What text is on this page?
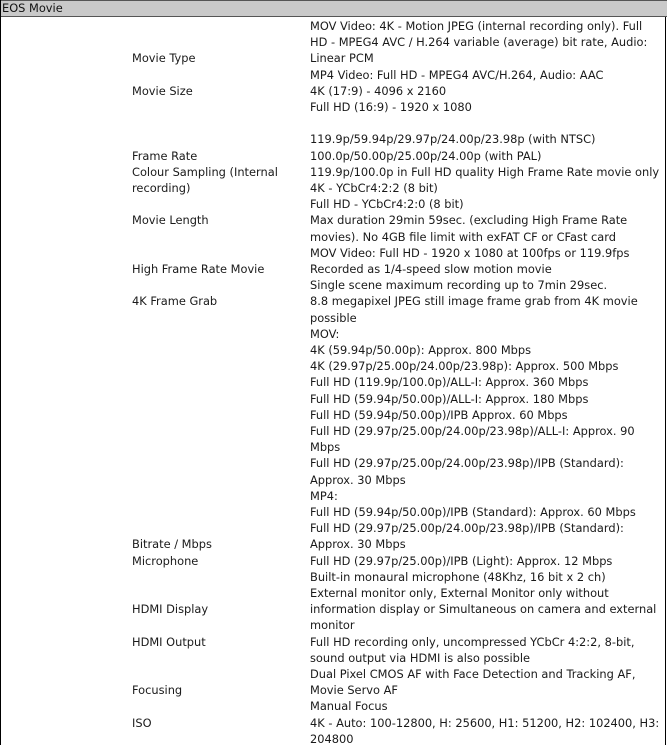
EOS Movie
MOV Video: 4K - Motion JPEG (internal recording only). Full
HD - MPEG4 AVC / H.264 variable (average) bit rate, Audio:
Linear PCM
MP4 Video: Full HD - MPEG4 AVC/H.264, Audio: AAC
4K (17:9) - 4096 x 2160
Movie Type
Full HD (16:9) - 1920 x 1080
119.9p/59.94p/29.97p/24.00p/23.98p (with NTSC)
100.0p/50.00p/25.00p/24.00p (with PAL)
Movie Size
119.9p/100.0p in Full HD quality High Frame Rate movie only
Frame Rate
4K - YCbCr4:2:2 (8 bit)
Colour Sampling (Internal
Full HD - YCbCr4:2:0 (8 bit)
Max duration 29min 59sec. (excluding High Frame Rate
recording)
movies). No 4GB file limit with exFAT CF or CFast card
MOV Video: Full HD - 1920 x 1080 at 100fps or 119.9fps
Recorded as 1/4-speed slow motion movie
Movie Length
Single scene maximum recording up to 7min 29sec.
8.8 megapixel JPEG still image frame grab from 4K movie
High Frame Rate Movie
possible
MOV:
4K (59.94p/50.00p): Approx. 800 Mbps
4K (29.97p/25.00p/24.00p/23.98p): Approx. 500 Mbps
Full HD (119.9p/100.0p)/ALL-I: Approx. 360 Mbps
Full HD (59.94p/50.00p)/ALL-I: Approx. 180 Mbps
Full HD (59.94p/50.00p)/IPB Approx. 60 Mbps
Full HD (29.97p/25.00p/24.00p/23.98p)/ALL-I: Approx. 90
Mbps
Full HD (29.97p/25.00p/24.00p/23.98p)/IPB (Standard):
Approx. 30 Mbps
MP4:
Full HD (59.94p/50.00p)/IPB (Standard): Approx. 60 Mbps
Full HD (29.97p/25.00p/24.00p/23.98p)/IPB (Standard):
Approx. 30 Mbps
4K Frame Grab
Full HD (29.97p/25.00p)/IPB (Light): Approx. 12 Mbps
Bitrate / Mbps
Built-in monaural microphone (48Khz, 16 bit x 2 ch)
External monitor only, External Monitor only without
information display or Simultaneous on camera and external
Microphone
monitor
Full HD recording only, uncompressed YCbCr 4:2:2, 8-bit,
HDMI Display
sound output via HDMI is also possible
Dual Pixel CMOS AF with Face Detection and Tracking AF,
Movie Servo AF
HDMI Output
Manual Focus
4K - Auto: 100-12800, H: 25600, H1: 51200, H2: 102400, H3:
Focusing
204800
ISO
